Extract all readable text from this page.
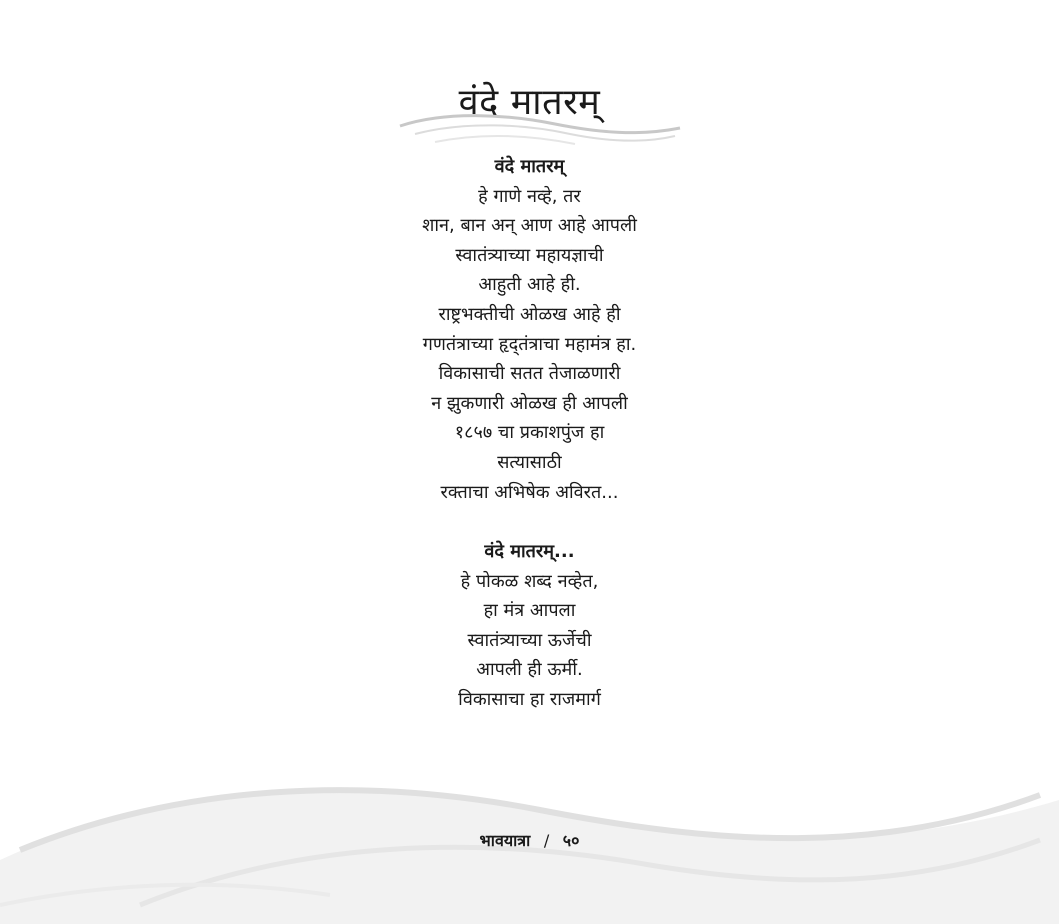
वंदे मातरम्
वंदे मातरम्
हे गाणे नव्हे, तर
शान, बान अन् आण आहे आपली
स्वातंत्र्याच्या महायज्ञाची
आहुती आहे ही.
राष्ट्रभक्तीची ओळख आहे ही
गणतंत्राच्या हृद्‌तंत्राचा महामंत्र हा.
विकासाची सतत तेजाळणारी
न झुकणारी ओळख ही आपली
१८५७ चा प्रकाशपुंज हा
सत्यासाठी
रक्ताचा अभिषेक अविरत...
वंदे मातरम्...
हे पोकळ शब्द नव्हेत,
हा मंत्र आपला
स्वातंत्र्याच्या ऊर्जेची
आपली ही ऊर्मी.
विकासाचा हा राजमार्ग
भावयात्रा / ५०
